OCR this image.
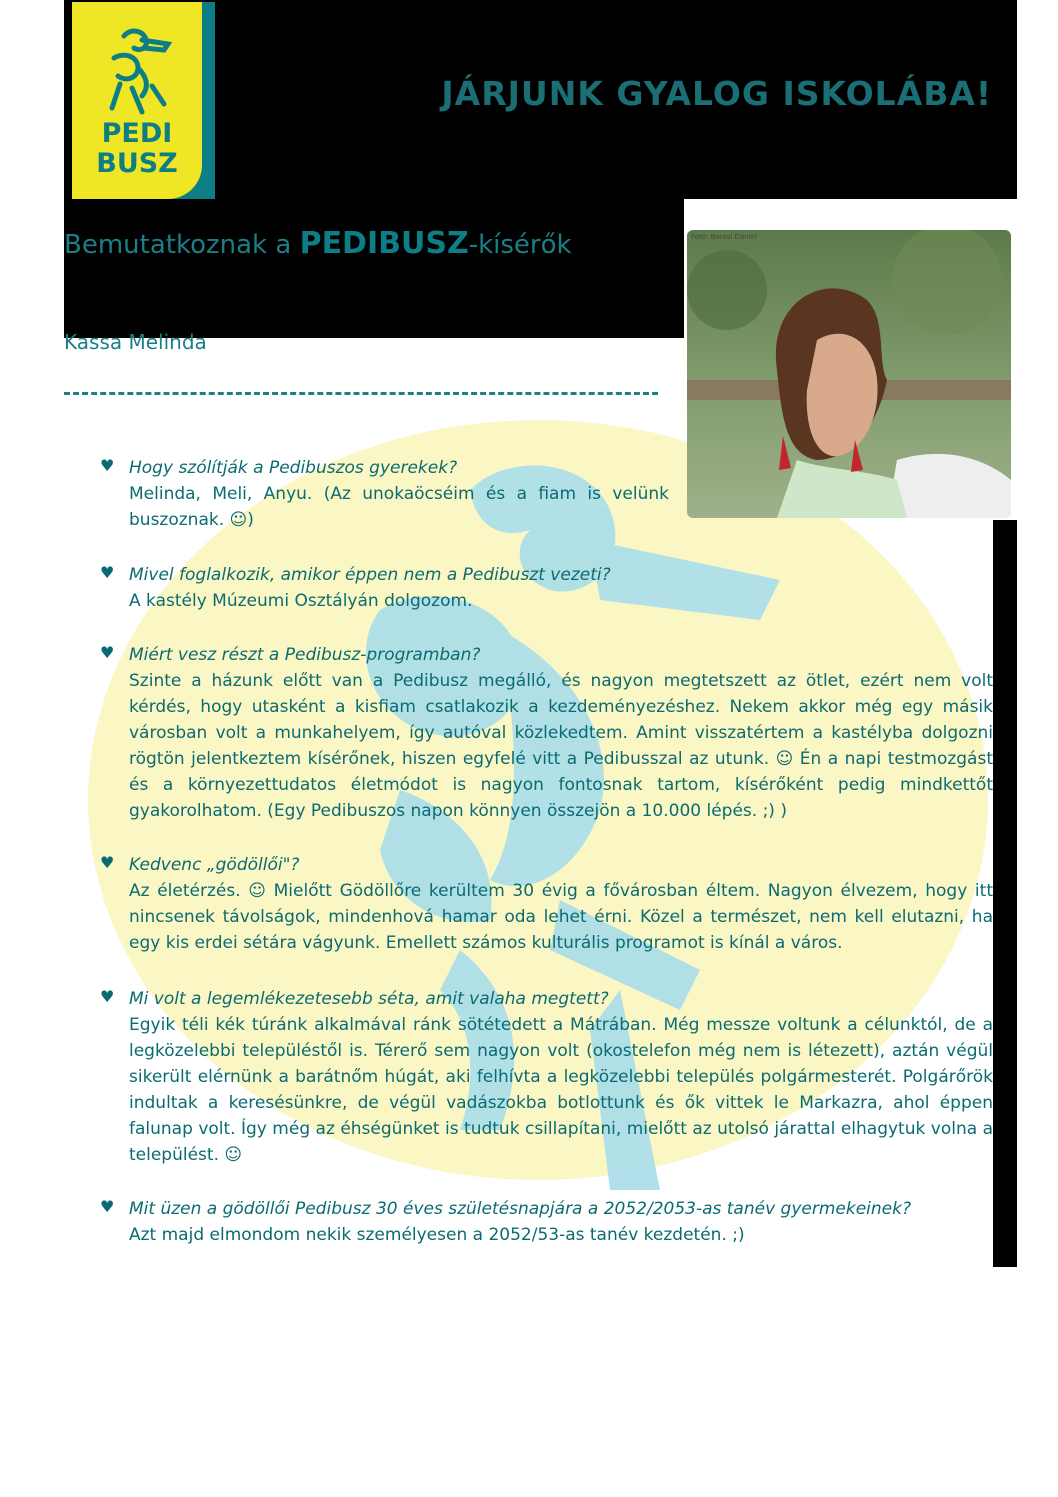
PEDI
BUSZ
JÁRJUNK GYALOG ISKOLÁBA!
Bemutatkoznak a PEDIBUSZ-kísérők
Kassa Melinda
Fotó: Borosi Dániel
♥ Hogy szólítják a Pedibuszos gyerekek?
Melinda, Meli, Anyu. (Az unokaöcséim és a fiam is velünk buszoznak. ☺)
♥ Mivel foglalkozik, amikor éppen nem a Pedibuszt vezeti?
A kastély Múzeumi Osztályán dolgozom.
♥ Miért vesz részt a Pedibusz-programban?
Szinte a házunk előtt van a Pedibusz megálló, és nagyon megtetszett az ötlet, ezért nem volt kérdés, hogy utasként a kisfiam csatlakozik a kezdeményezéshez. Nekem akkor még egy másik városban volt a munkahelyem, így autóval közlekedtem. Amint visszatértem a kastélyba dolgozni rögtön jelentkeztem kísérőnek, hiszen egyfelé vitt a Pedibusszal az utunk. ☺ Én a napi testmozgást és a környezettudatos életmódot is nagyon fontosnak tartom, kísérőként pedig mindkettőt gyakorolhatom. (Egy Pedibuszos napon könnyen összejön a 10.000 lépés. ;) )
♥ Kedvenc „gödöllői"?
Az életérzés. ☺ Mielőtt Gödöllőre kerültem 30 évig a fővárosban éltem. Nagyon élvezem, hogy itt nincsenek távolságok, mindenhová hamar oda lehet érni. Közel a természet, nem kell elutazni, ha egy kis erdei sétára vágyunk. Emellett számos kulturális programot is kínál a város.
♥ Mi volt a legemlékezetesebb séta, amit valaha megtett?
Egyik téli kék túránk alkalmával ránk sötétedett a Mátrában. Még messze voltunk a célunktól, de a legközelebbi településtől is. Térerő sem nagyon volt (okostelefon még nem is létezett), aztán végül sikerült elérnünk a barátnőm húgát, aki felhívta a legközelebbi település polgármesterét. Polgárőrök indultak a keresésünkre, de végül vadászokba botlottunk és ők vittek le Markazra, ahol éppen falunap volt. Így még az éhségünket is tudtuk csillapítani, mielőtt az utolsó járattal elhagytuk volna a települést. ☺
♥ Mit üzen a gödöllői Pedibusz 30 éves születésnapjára a 2052/2053-as tanév gyermekeinek?
Azt majd elmondom nekik személyesen a 2052/53-as tanév kezdetén. ;)
